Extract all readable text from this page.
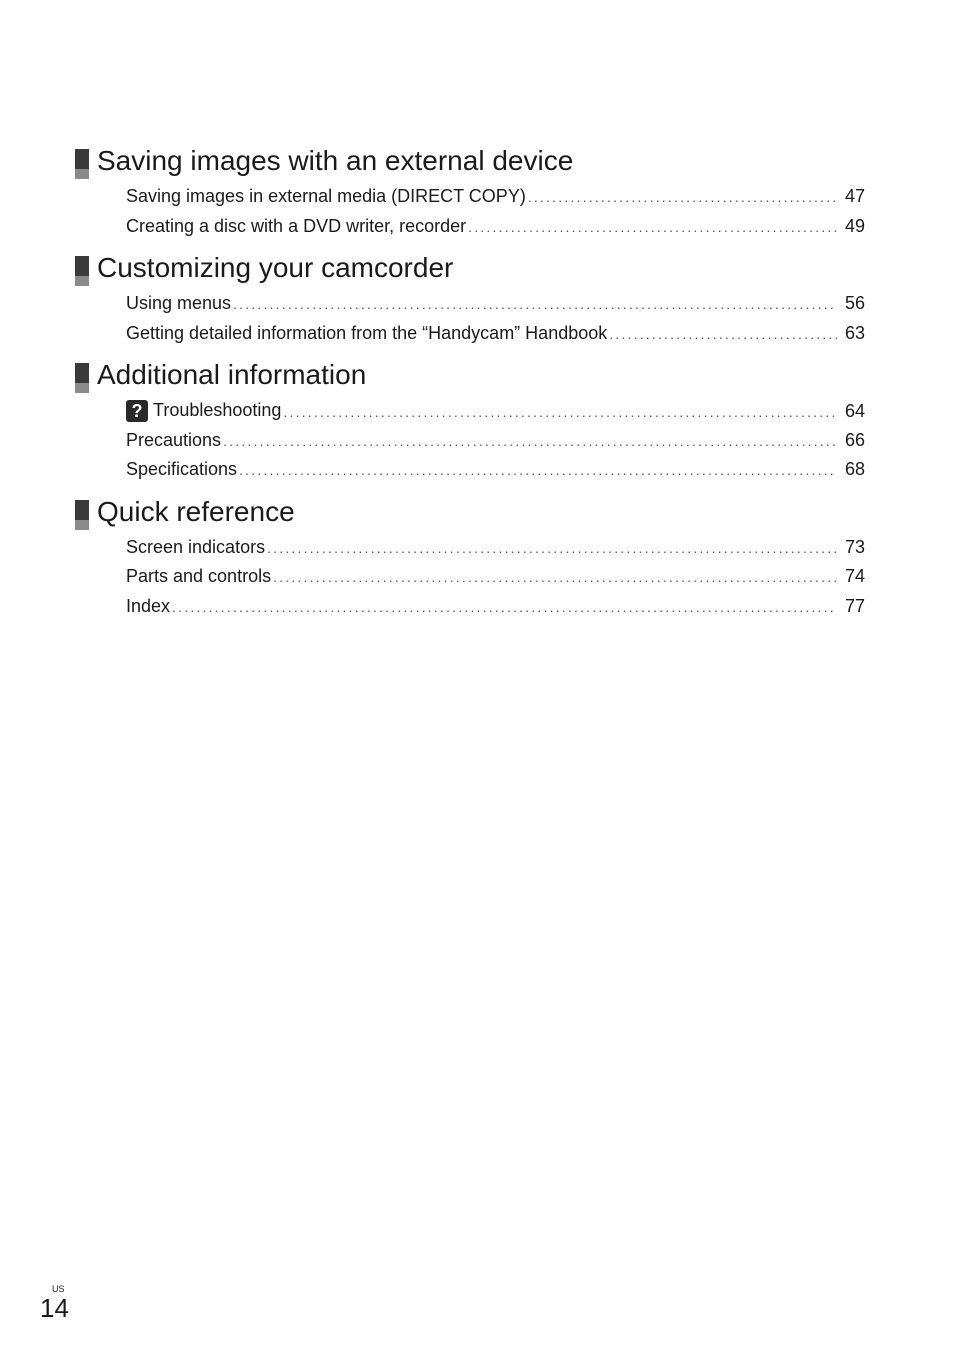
Saving images with an external device
Saving images in external media (DIRECT COPY) .....	47
Creating a disc with a DVD writer, recorder .....	49
Customizing your camcorder
Using menus .....	56
Getting detailed information from the “Handycam” Handbook .....	63
Additional information
? Troubleshooting .....	64
Precautions .....	66
Specifications .....	68
Quick reference
Screen indicators .....	73
Parts and controls .....	74
Index .....	77
US
14
